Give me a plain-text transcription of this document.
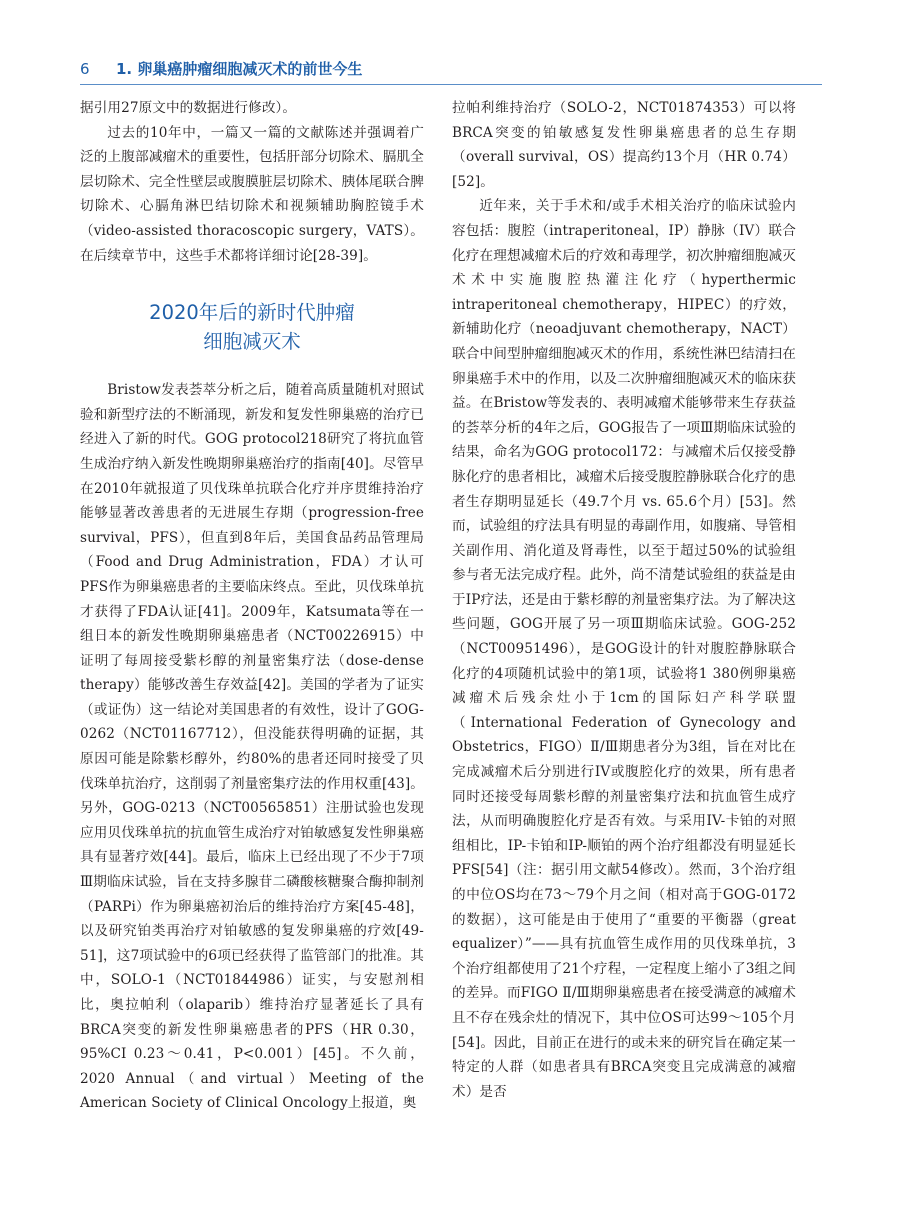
6	1. 卵巢癌肿瘤细胞减灭术的前世今生

据引用27原文中的数据进行修改）。

过去的10年中，一篇又一篇的文献陈述并强调着广泛的上腹部减瘤术的重要性，包括肝部分切除术、膈肌全层切除术、完全性壁层或腹膜脏层切除术、胰体尾联合脾切除术、心膈角淋巴结切除术和视频辅助胸腔镜手术（video-assisted thoracoscopic surgery，VATS）。在后续章节中，这些手术都将详细讨论[28-39]。

2020年后的新时代肿瘤
细胞减灭术

Bristow发表荟萃分析之后，随着高质量随机对照试验和新型疗法的不断涌现，新发和复发性卵巢癌的治疗已经进入了新的时代。GOG protocol218研究了将抗血管生成治疗纳入新发性晚期卵巢癌治疗的指南[40]。尽管早在2010年就报道了贝伐珠单抗联合化疗并序贯维持治疗能够显著改善患者的无进展生存期（progression-free survival，PFS），但直到8年后，美国食品药品管理局（Food and Drug Administration，FDA）才认可PFS作为卵巢癌患者的主要临床终点。至此，贝伐珠单抗才获得了FDA认证[41]。2009年，Katsumata等在一组日本的新发性晚期卵巢癌患者（NCT00226915）中证明了每周接受紫杉醇的剂量密集疗法（dose-dense therapy）能够改善生存效益[42]。美国的学者为了证实（或证伪）这一结论对美国患者的有效性，设计了GOG-0262（NCT01167712），但没能获得明确的证据，其原因可能是除紫杉醇外，约80%的患者还同时接受了贝伐珠单抗治疗，这削弱了剂量密集疗法的作用权重[43]。另外，GOG-0213（NCT00565851）注册试验也发现应用贝伐珠单抗的抗血管生成治疗对铂敏感复发性卵巢癌具有显著疗效[44]。最后，临床上已经出现了不少于7项Ⅲ期临床试验，旨在支持多腺苷二磷酸核糖聚合酶抑制剂（PARPi）作为卵巢癌初治后的维持治疗方案[45-48]，以及研究铂类再治疗对铂敏感的复发卵巢癌的疗效[49-51]，这7项试验中的6项已经获得了监管部门的批准。其中，SOLO-1（NCT01844986）证实，与安慰剂相比，奥拉帕利（olaparib）维持治疗显著延长了具有BRCA突变的新发性卵巢癌患者的PFS（HR 0.30，95%CI 0.23～0.41，P<0.001）[45]。不久前，2020 Annual（and virtual）Meeting of the American Society of Clinical Oncology上报道，奥

拉帕利维持治疗（SOLO-2，NCT01874353）可以将BRCA突变的铂敏感复发性卵巢癌患者的总生存期（overall survival，OS）提高约13个月（HR 0.74）[52]。

近年来，关于手术和/或手术相关治疗的临床试验内容包括：腹腔（intraperitoneal，IP）静脉（IV）联合化疗在理想减瘤术后的疗效和毒理学，初次肿瘤细胞减灭术术中实施腹腔热灌注化疗（hyperthermic intraperitoneal chemotherapy，HIPEC）的疗效，新辅助化疗（neoadjuvant chemotherapy，NACT）联合中间型肿瘤细胞减灭术的作用，系统性淋巴结清扫在卵巢癌手术中的作用，以及二次肿瘤细胞减灭术的临床获益。在Bristow等发表的、表明减瘤术能够带来生存获益的荟萃分析的4年之后，GOG报告了一项Ⅲ期临床试验的结果，命名为GOG protocol172：与减瘤术后仅接受静脉化疗的患者相比，减瘤术后接受腹腔静脉联合化疗的患者生存期明显延长（49.7个月 vs. 65.6个月）[53]。然而，试验组的疗法具有明显的毒副作用，如腹痛、导管相关副作用、消化道及肾毒性，以至于超过50%的试验组参与者无法完成疗程。此外，尚不清楚试验组的获益是由于IP疗法，还是由于紫杉醇的剂量密集疗法。为了解决这些问题，GOG开展了另一项Ⅲ期临床试验。GOG-252（NCT00951496），是GOG设计的针对腹腔静脉联合化疗的4项随机试验中的第1项，试验将1 380例卵巢癌减瘤术后残余灶小于1cm的国际妇产科学联盟（International Federation of Gynecology and Obstetrics，FIGO）Ⅱ/Ⅲ期患者分为3组，旨在对比在完成减瘤术后分别进行IV或腹腔化疗的效果，所有患者同时还接受每周紫杉醇的剂量密集疗法和抗血管生成疗法，从而明确腹腔化疗是否有效。与采用IV-卡铂的对照组相比，IP-卡铂和IP-顺铂的两个治疗组都没有明显延长PFS[54]（注：据引用文献54修改）。然而，3个治疗组的中位OS均在73～79个月之间（相对高于GOG-0172的数据），这可能是由于使用了“重要的平衡器（great equalizer）”——具有抗血管生成作用的贝伐珠单抗，3个治疗组都使用了21个疗程，一定程度上缩小了3组之间的差异。而FIGO Ⅱ/Ⅲ期卵巢癌患者在接受满意的减瘤术且不存在残余灶的情况下，其中位OS可达99～105个月[54]。因此，目前正在进行的或未来的研究旨在确定某一特定的人群（如患者具有BRCA突变且完成满意的减瘤术）是否
